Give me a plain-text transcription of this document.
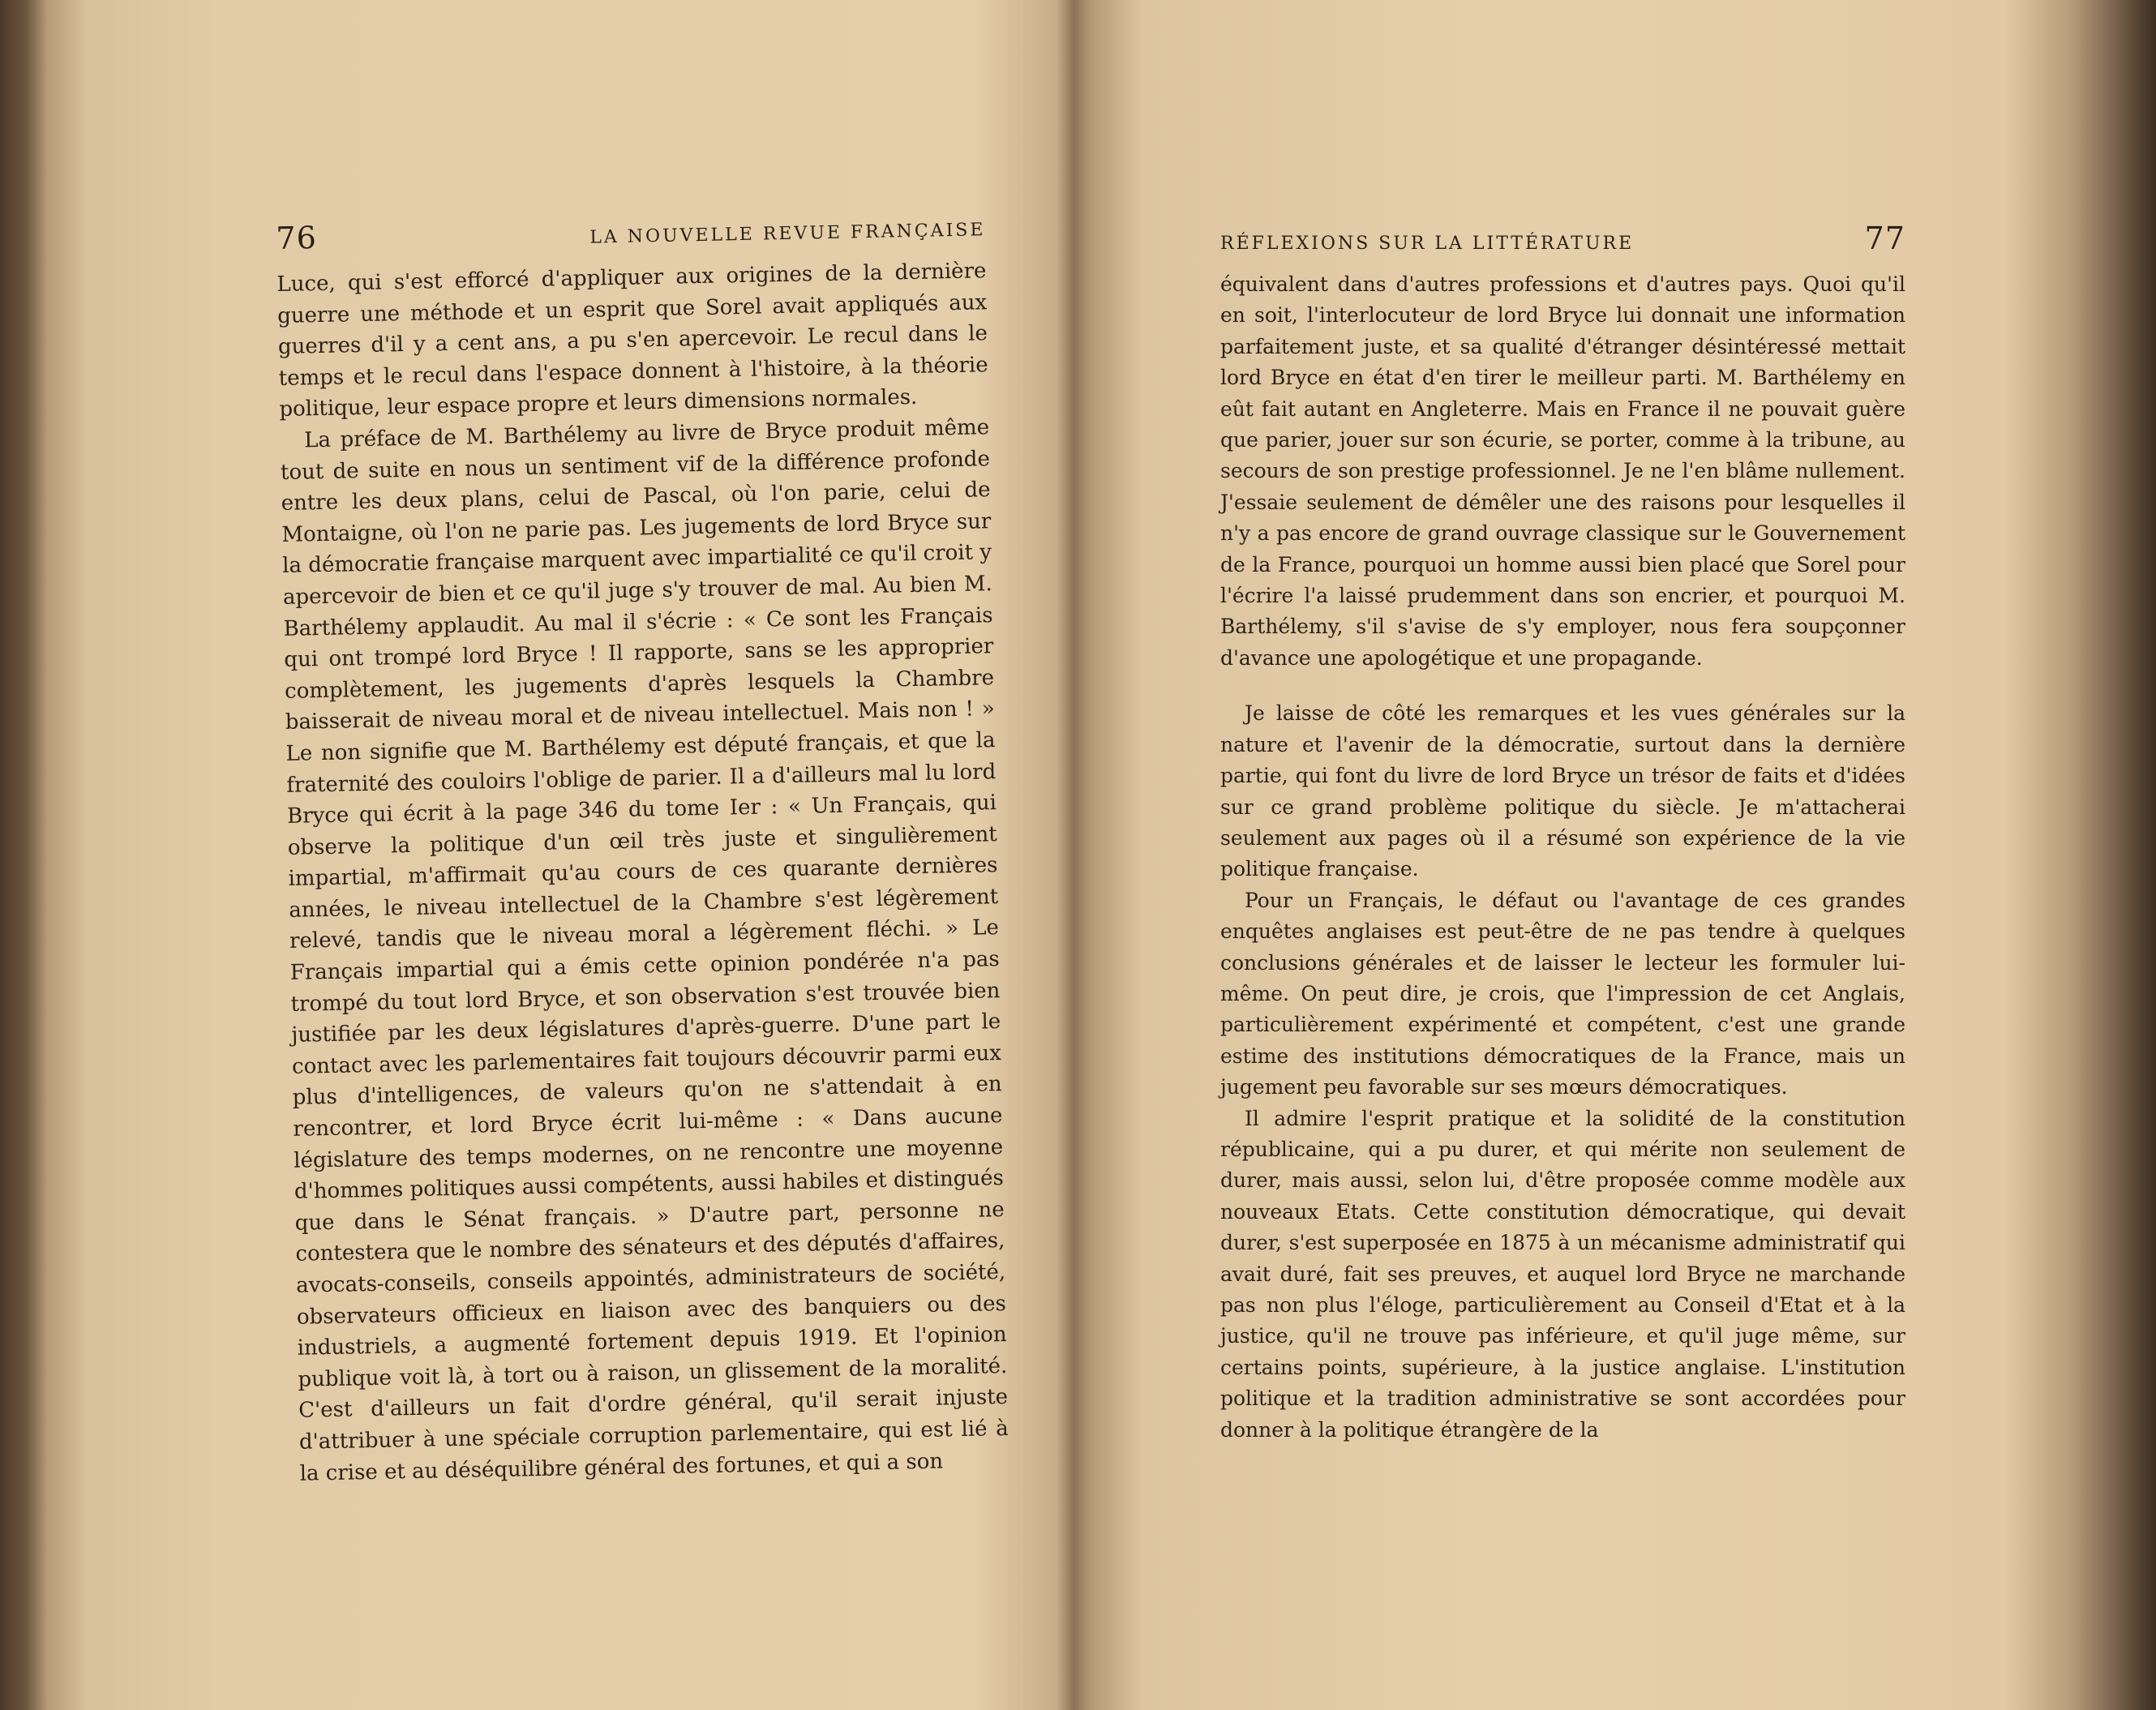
76	LA NOUVELLE REVUE FRANÇAISE

Luce, qui s'est efforcé d'appliquer aux origines de la dernière guerre une méthode et un esprit que Sorel avait appliqués aux guerres d'il y a cent ans, a pu s'en apercevoir. Le recul dans le temps et le recul dans l'espace donnent à l'histoire, à la théorie politique, leur espace propre et leurs dimensions normales.

La préface de M. Barthélemy au livre de Bryce produit même tout de suite en nous un sentiment vif de la différence profonde entre les deux plans, celui de Pascal, où l'on parie, celui de Montaigne, où l'on ne parie pas. Les jugements de lord Bryce sur la démocratie française marquent avec impartialité ce qu'il croit y apercevoir de bien et ce qu'il juge s'y trouver de mal. Au bien M. Barthélemy applaudit. Au mal il s'écrie : « Ce sont les Français qui ont trompé lord Bryce ! Il rapporte, sans se les approprier complètement, les jugements d'après lesquels la Chambre baisserait de niveau moral et de niveau intellectuel. Mais non ! » Le non signifie que M. Barthélemy est député français, et que la fraternité des couloirs l'oblige de parier. Il a d'ailleurs mal lu lord Bryce qui écrit à la page 346 du tome Ier : « Un Français, qui observe la politique d'un œil très juste et singulièrement impartial, m'affirmait qu'au cours de ces quarante dernières années, le niveau intellectuel de la Chambre s'est légèrement relevé, tandis que le niveau moral a légèrement fléchi. » Le Français impartial qui a émis cette opinion pondérée n'a pas trompé du tout lord Bryce, et son observation s'est trouvée bien justifiée par les deux législatures d'après-guerre. D'une part le contact avec les parlementaires fait toujours découvrir parmi eux plus d'intelligences, de valeurs qu'on ne s'attendait à en rencontrer, et lord Bryce écrit lui-même : « Dans aucune législature des temps modernes, on ne rencontre une moyenne d'hommes politiques aussi compétents, aussi habiles et distingués que dans le Sénat français. » D'autre part, personne ne contestera que le nombre des sénateurs et des députés d'affaires, avocats-conseils, conseils appointés, administrateurs de société, observateurs officieux en liaison avec des banquiers ou des industriels, a augmenté fortement depuis 1919. Et l'opinion publique voit là, à tort ou à raison, un glissement de la moralité. C'est d'ailleurs un fait d'ordre général, qu'il serait injuste d'attribuer à une spéciale corruption parlementaire, qui est lié à la crise et au déséquilibre général des fortunes, et qui a son

RÉFLEXIONS SUR LA LITTÉRATURE	77

équivalent dans d'autres professions et d'autres pays. Quoi qu'il en soit, l'interlocuteur de lord Bryce lui donnait une information parfaitement juste, et sa qualité d'étranger désintéressé mettait lord Bryce en état d'en tirer le meilleur parti. M. Barthélemy en eût fait autant en Angleterre. Mais en France il ne pouvait guère que parier, jouer sur son écurie, se porter, comme à la tribune, au secours de son prestige professionnel. Je ne l'en blâme nullement. J'essaie seulement de démêler une des raisons pour lesquelles il n'y a pas encore de grand ouvrage classique sur le Gouvernement de la France, pourquoi un homme aussi bien placé que Sorel pour l'écrire l'a laissé prudemment dans son encrier, et pourquoi M. Barthélemy, s'il s'avise de s'y employer, nous fera soupçonner d'avance une apologétique et une propagande.

Je laisse de côté les remarques et les vues générales sur la nature et l'avenir de la démocratie, surtout dans la dernière partie, qui font du livre de lord Bryce un trésor de faits et d'idées sur ce grand problème politique du siècle. Je m'attacherai seulement aux pages où il a résumé son expérience de la vie politique française.

Pour un Français, le défaut ou l'avantage de ces grandes enquêtes anglaises est peut-être de ne pas tendre à quelques conclusions générales et de laisser le lecteur les formuler lui-même. On peut dire, je crois, que l'impression de cet Anglais, particulièrement expérimenté et compétent, c'est une grande estime des institutions démocratiques de la France, mais un jugement peu favorable sur ses mœurs démocratiques.

Il admire l'esprit pratique et la solidité de la constitution républicaine, qui a pu durer, et qui mérite non seulement de durer, mais aussi, selon lui, d'être proposée comme modèle aux nouveaux Etats. Cette constitution démocratique, qui devait durer, s'est superposée en 1875 à un mécanisme administratif qui avait duré, fait ses preuves, et auquel lord Bryce ne marchande pas non plus l'éloge, particulièrement au Conseil d'Etat et à la justice, qu'il ne trouve pas inférieure, et qu'il juge même, sur certains points, supérieure, à la justice anglaise. L'institution politique et la tradition administrative se sont accordées pour donner à la politique étrangère de la
